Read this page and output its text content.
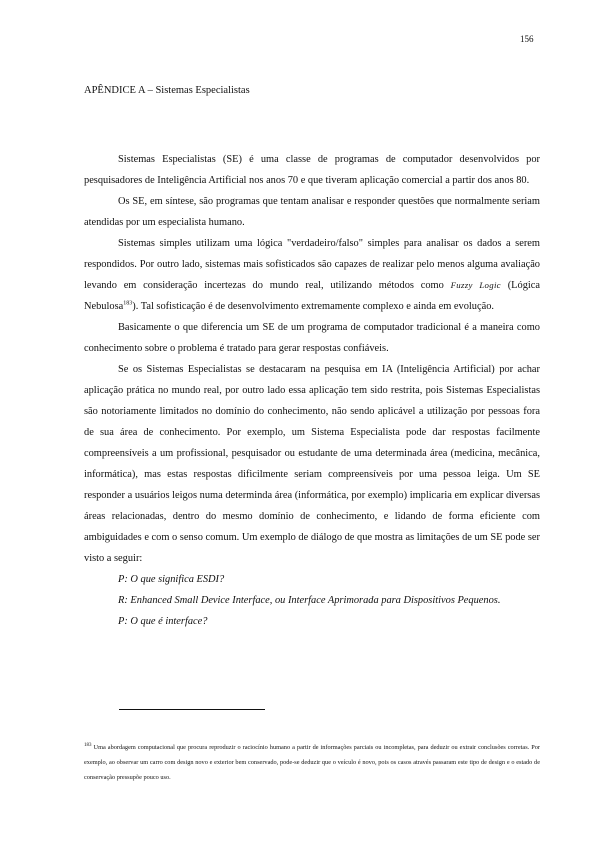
156
APÊNDICE A – Sistemas Especialistas

Sistemas Especialistas (SE) é uma classe de programas de computador desenvolvidos por pesquisadores de Inteligência Artificial nos anos 70 e que tiveram aplicação comercial a partir dos anos 80.

Os SE, em síntese, são programas que tentam analisar e responder questões que normalmente seriam atendidas por um especialista humano.

Sistemas simples utilizam uma lógica "verdadeiro/falso" simples para analisar os dados a serem respondidos. Por outro lado, sistemas mais sofisticados são capazes de realizar pelo menos alguma avaliação levando em consideração incertezas do mundo real, utilizando métodos como Fuzzy Logic (Lógica Nebulosa$^{183}$). Tal sofisticação é de desenvolvimento extremamente complexo e ainda em evolução.

Basicamente o que diferencia um SE de um programa de computador tradicional é a maneira como conhecimento sobre o problema é tratado para gerar respostas confiáveis.

Se os Sistemas Especialistas se destacaram na pesquisa em IA (Inteligência Artificial) por achar aplicação prática no mundo real, por outro lado essa aplicação tem sido restrita, pois Sistemas Especialistas são notoriamente limitados no domínio do conhecimento, não sendo aplicável a utilização por pessoas fora de sua área de conhecimento. Por exemplo, um Sistema Especialista pode dar respostas facilmente compreensíveis a um profissional, pesquisador ou estudante de uma determinada área (medicina, mecânica, informática), mas estas respostas dificilmente seriam compreensíveis por uma pessoa leiga. Um SE responder a usuários leigos numa determinda área (informática, por exemplo) implicaria em explicar diversas áreas relacionadas, dentro do mesmo domínio de conhecimento, e lidando de forma eficiente com ambiguidades e com o senso comum. Um exemplo de diálogo de que mostra as limitações de um SE pode ser visto a seguir:

P: O que significa ESDI?

R: Enhanced Small Device Interface, ou Interface Aprimorada para Dispositivos Pequenos.

P: O que é interface?

$^{183}$ Uma abordagem computacional que procura reproduzir o raciocínio humano a partir de informações parciais ou incompletas, para deduzir ou extrair conclusões corretas. Por exemplo, ao observar um carro com design novo e exterior bem conservado, pode-se deduzir que o veículo é novo, pois os casos através passaram este tipo de design e o estado de conservação pressupõe pouco uso.
